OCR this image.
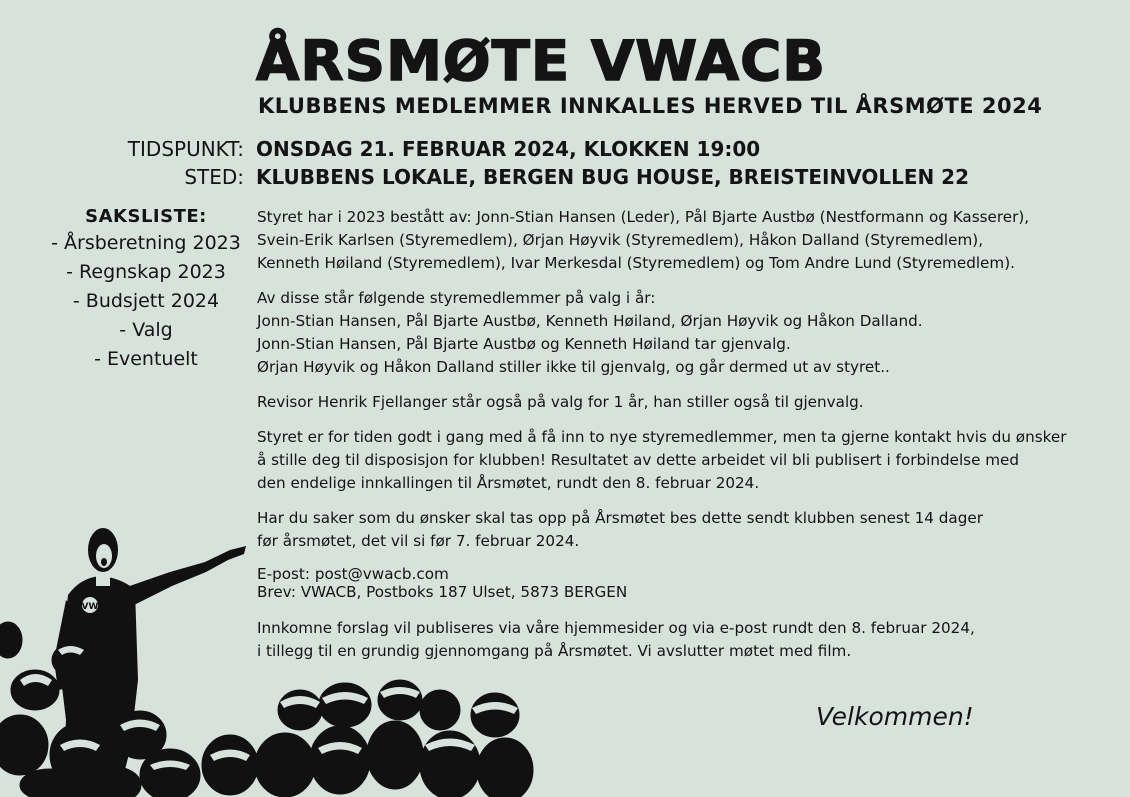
ÅRSMØTE VWACB
KLUBBENS MEDLEMMER INNKALLES HERVED TIL ÅRSMØTE 2024
TIDSPUNKT: ONSDAG 21. FEBRUAR 2024, KLOKKEN 19:00
STED: KLUBBENS LOKALE, BERGEN BUG HOUSE, BREISTEINVOLLEN 22
SAKSLISTE:
- Årsberetning 2023
- Regnskap 2023
- Budsjett 2024
- Valg
- Eventuelt

Styret har i 2023 bestått av: Jonn-Stian Hansen (Leder), Pål Bjarte Austbø (Nestformann og Kasserer),
Svein-Erik Karlsen (Styremedlem), Ørjan Høyvik (Styremedlem), Håkon Dalland (Styremedlem),
Kenneth Høiland (Styremedlem), Ivar Merkesdal (Styremedlem) og Tom Andre Lund (Styremedlem).

Av disse står følgende styremedlemmer på valg i år:
Jonn-Stian Hansen, Pål Bjarte Austbø, Kenneth Høiland, Ørjan Høyvik og Håkon Dalland.
Jonn-Stian Hansen, Pål Bjarte Austbø og Kenneth Høiland tar gjenvalg.
Ørjan Høyvik og Håkon Dalland stiller ikke til gjenvalg, og går dermed ut av styret..

Revisor Henrik Fjellanger står også på valg for 1 år, han stiller også til gjenvalg.

Styret er for tiden godt i gang med å få inn to nye styremedlemmer, men ta gjerne kontakt hvis du ønsker
å stille deg til disposisjon for klubben! Resultatet av dette arbeidet vil bli publisert i forbindelse med
den endelige innkallingen til Årsmøtet, rundt den 8. februar 2024.

Har du saker som du ønsker skal tas opp på Årsmøtet bes dette sendt klubben senest 14 dager
før årsmøtet, det vil si før 7. februar 2024.

E-post: post@vwacb.com
Brev: VWACB, Postboks 187 Ulset, 5873 BERGEN

Innkomne forslag vil publiseres via våre hjemmesider og via e-post rundt den 8. februar 2024,
i tillegg til en grundig gjennomgang på Årsmøtet. Vi avslutter møtet med film.

Velkommen!
VW
